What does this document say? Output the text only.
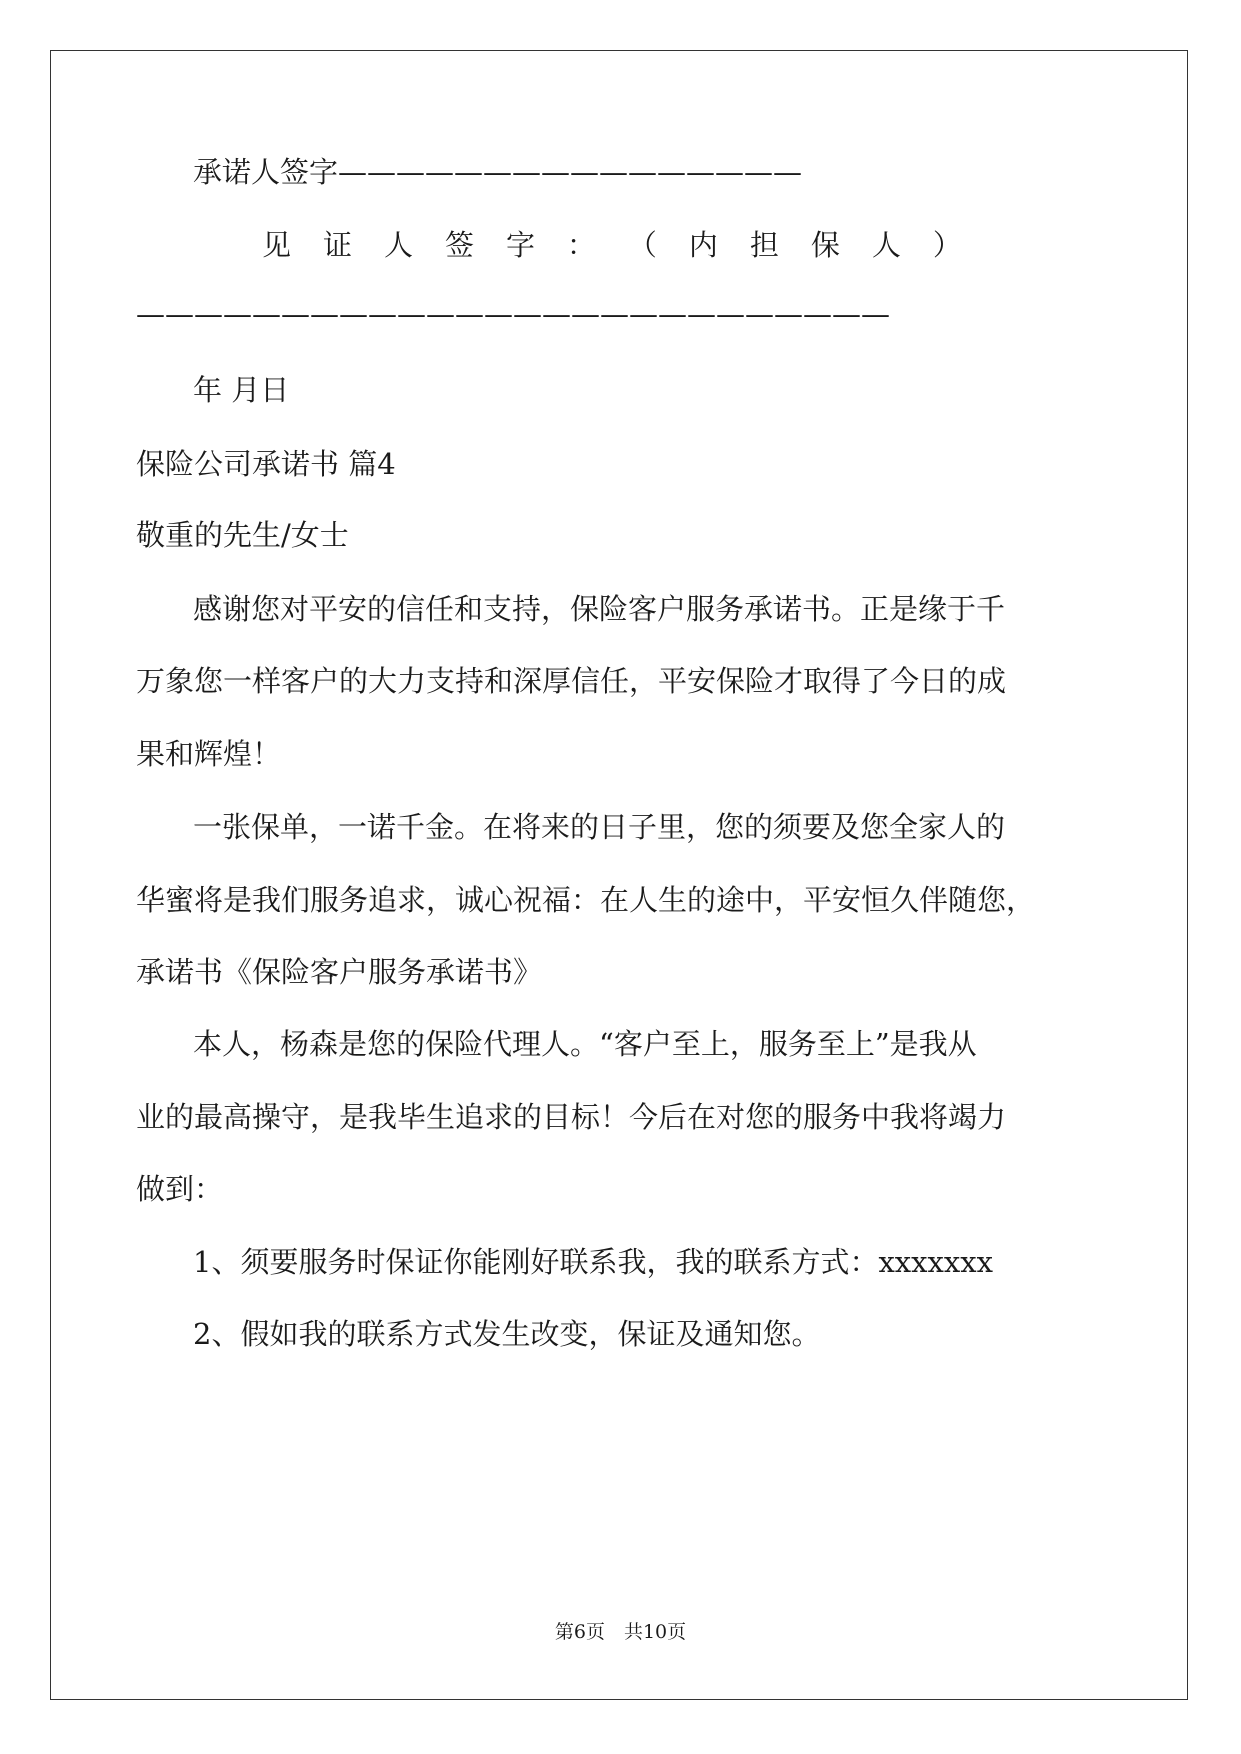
承诺人签字————————————————
见 证 人 签 字 ： （ 内 担 保 人 ）
——————————————————————————
年 月日
保险公司承诺书 篇4
敬重的先生/女士
感谢您对平安的信任和支持，保险客户服务承诺书。正是缘于千
万象您一样客户的大力支持和深厚信任，平安保险才取得了今日的成
果和辉煌！
一张保单，一诺千金。在将来的日子里，您的须要及您全家人的
华蜜将是我们服务追求，诚心祝福：在人生的途中，平安恒久伴随您，
承诺书《保险客户服务承诺书》
本人，杨森是您的保险代理人。“客户至上，服务至上”是我从
业的最高操守，是我毕生追求的目标！今后在对您的服务中我将竭力
做到：
1、须要服务时保证你能刚好联系我，我的联系方式：xxxxxxx
2、假如我的联系方式发生改变，保证及通知您。
第6页　共10页
